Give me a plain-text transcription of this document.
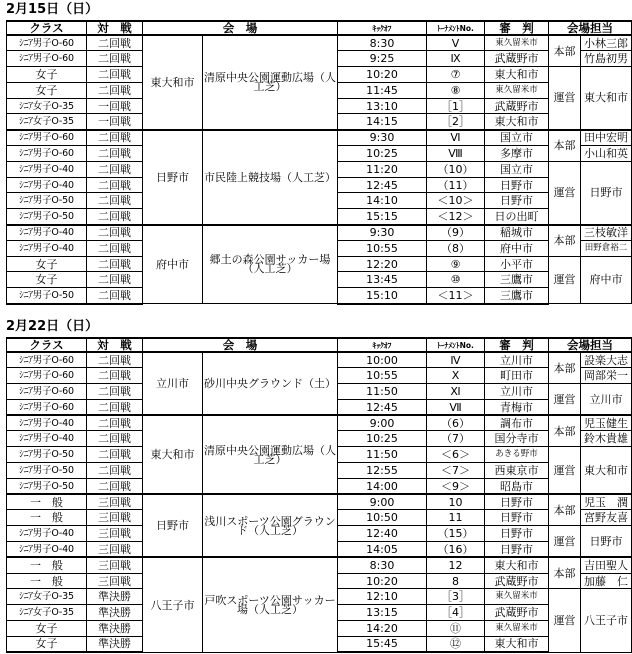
2月15日（日）
クラス	対　戦	会　場		ｷｯｸｵﾌ	ﾄｰﾅﾒﾝﾄNo.	審　判	会場担当	
ｼﾆｱ男子O-60	二回戦	東大和市	清原中央公園運動広場（人工芝）	8:30	Ⅴ	東久留米市	本部	小林三郎
ｼﾆｱ男子O-60	二回戦			9:25	Ⅸ	武蔵野市		竹島初男
女子	二回戦			10:20	⑦	東大和市	運営	東大和市
女子	二回戦			11:45	⑧	東久留米市		
ｼﾆｱ女子O-35	一回戦			13:10	［1］	武蔵野市		
ｼﾆｱ女子O-35	一回戦			14:15	［2］	東大和市		
ｼﾆｱ男子O-60	二回戦	日野市	市民陸上競技場（人工芝）	9:30	Ⅵ	国立市	本部	田中宏明
ｼﾆｱ男子O-60	二回戦			10:25	Ⅷ	多摩市		小山和英
ｼﾆｱ男子O-40	二回戦			11:20	（10）	国立市	運営	日野市
ｼﾆｱ男子O-40	二回戦			12:45	（11）	日野市		
ｼﾆｱ男子O-50	二回戦			14:10	＜10＞	日野市		
ｼﾆｱ男子O-50	二回戦			15:15	＜12＞	日の出町		
ｼﾆｱ男子O-40	二回戦	府中市	郷土の森公園サッカー場（人工芝）	9:30	（9）	稲城市	本部	三枝敏洋
ｼﾆｱ男子O-40	二回戦			10:55	（8）	府中市		田野倉裕二
女子	二回戦			12:20	⑨	小平市	運営	府中市
女子	二回戦			13:45	⑩	三鷹市		
ｼﾆｱ男子O-50	二回戦			15:10	＜11＞	三鷹市		
2月22日（日）
クラス	対　戦	会　場		ｷｯｸｵﾌ	ﾄｰﾅﾒﾝﾄNo.	審　判	会場担当	
ｼﾆｱ男子O-60	二回戦	立川市	砂川中央グラウンド（土）	10:00	Ⅳ	立川市	本部	設楽大志
ｼﾆｱ男子O-60	二回戦			10:55	Ⅹ	町田市		岡部栄一
ｼﾆｱ男子O-60	二回戦			11:50	Ⅺ	立川市	運営	立川市
ｼﾆｱ男子O-60	二回戦			12:45	Ⅶ	青梅市		
ｼﾆｱ男子O-40	二回戦	東大和市	清原中央公園運動広場（人工芝）	9:00	（6）	調布市	本部	児玉健生
ｼﾆｱ男子O-40	二回戦			10:25	（7）	国分寺市		鈴木貴雄
ｼﾆｱ男子O-50	二回戦			11:50	＜6＞	あきる野市	運営	東大和市
ｼﾆｱ男子O-50	二回戦			12:55	＜7＞	西東京市		
ｼﾆｱ男子O-50	二回戦			14:00	＜9＞	昭島市		
一　般	三回戦	日野市	浅川スポーツ公園グラウンド（人工芝）	9:00	10	日野市	本部	児玉　潤
一　般	三回戦			10:50	11	日野市		宮野友喜
ｼﾆｱ男子O-40	三回戦			12:40	（15）	日野市	運営	日野市
ｼﾆｱ男子O-40	三回戦			14:05	（16）	日野市		
一　般	三回戦	八王子市	戸吹スポーツ公園サッカー場（人工芝）	8:30	12	東大和市	本部	吉田聖人
一　般	三回戦			10:20	8	武蔵野市		加藤　仁
ｼﾆｱ女子O-35	準決勝			12:10	［3］	東久留米市	運営	八王子市
ｼﾆｱ女子O-35	準決勝			13:15	［4］	武蔵野市		
女子	準決勝			14:20	⑪	東久留米市		
女子	準決勝			15:45	⑫	東大和市		
